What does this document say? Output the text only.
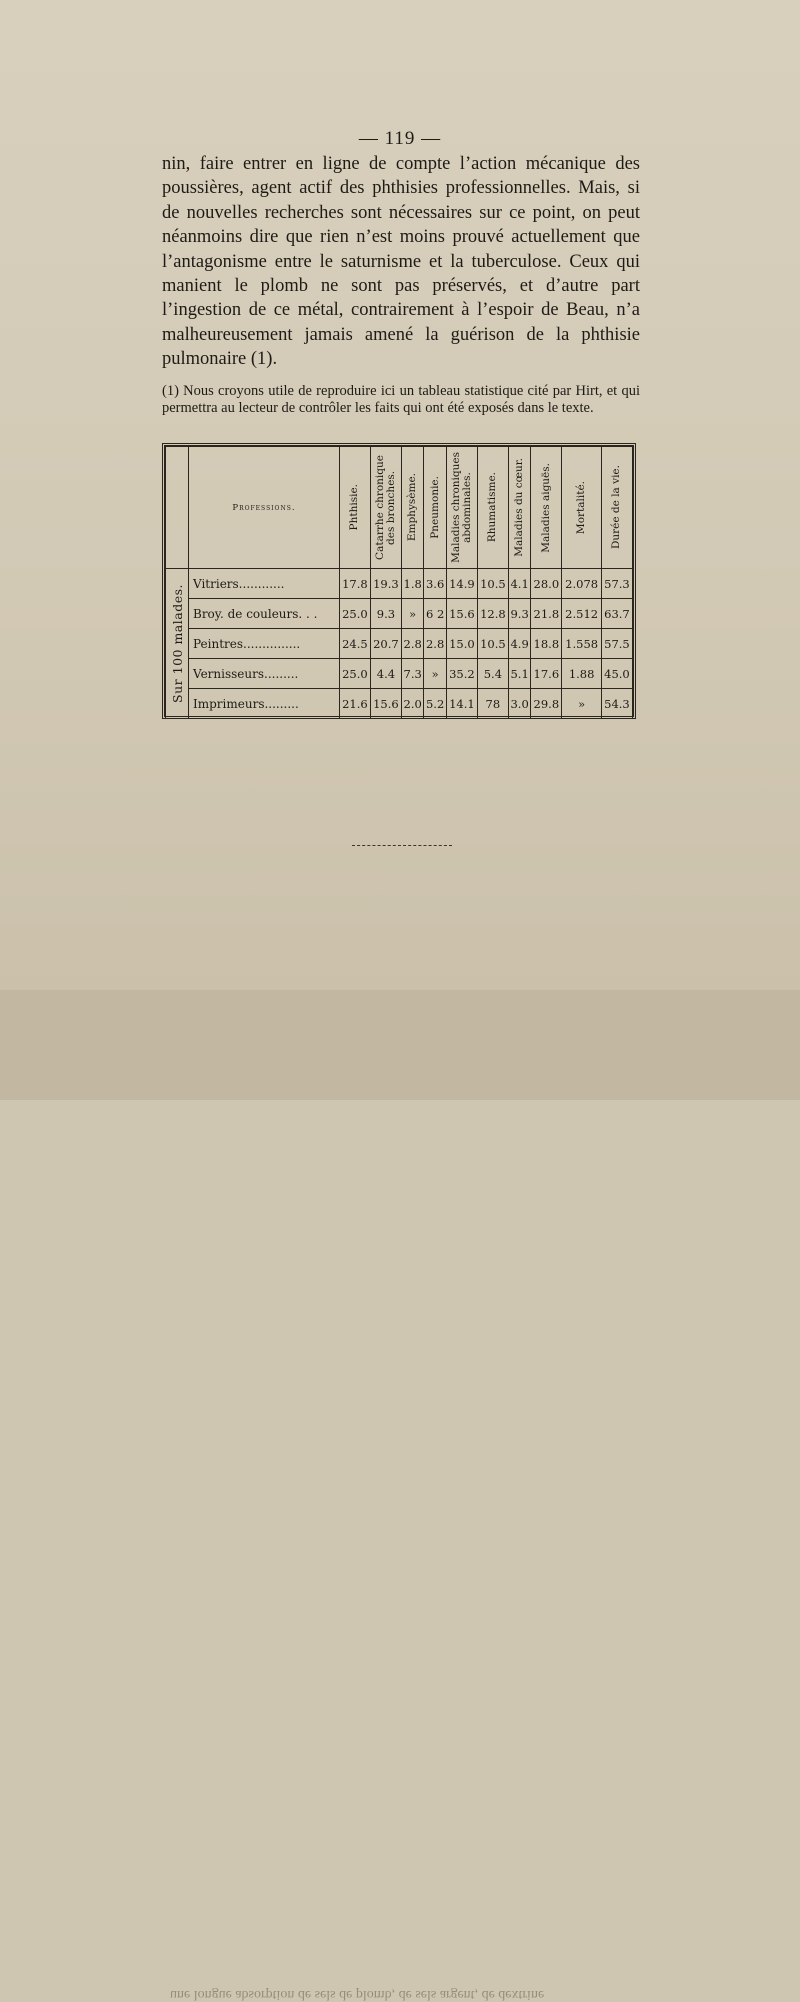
— 119 —

nin, faire entrer en ligne de compte l’action mécanique des poussières, agent actif des phthisies professionnelles. Mais, si de nouvelles recherches sont nécessaires sur ce point, on peut néanmoins dire que rien n’est moins prouvé actuellement que l’antagonisme entre le saturnisme et la tuberculose. Ceux qui manient le plomb ne sont pas préservés, et d’autre part l’ingestion de ce métal, contrairement à l’espoir de Beau, n’a malheureusement jamais amené la guérison de la phthisie pulmonaire (1).

(1) Nous croyons utile de reproduire ici un tableau statistique cité par Hirt, et qui permettra au lecteur de contrôler les faits qui ont été exposés dans le texte.

	Professions.	Phthisie.	Catarrhe chronique
des bronches.	Emphysème.	Pneumonie.	Maladies chroniques
abdominales.	Rhumatisme.	Maladies du cœur.	Maladies aiguës.	Mortalité.	Durée de la vie.

Sur 100 malades.	Vitriers............	17.8	19.3	1.8	3.6	14.9	10.5	4.1	28.0	2.078	57.3
	Broy. de couleurs. . .	25.0	9.3	»	6 2	15.6	12.8	9.3	21.8	2.512	63.7
	Peintres...............	24.5	20.7	2.8	2.8	15.0	10.5	4.9	18.8	1.558	57.5
	Vernisseurs.........	25.0	4.4	7.3	»	35.2	5.4	5.1	17.6	1.88	45.0
	Imprimeurs.........	21.6	15.6	2.0	5.2	14.1	78	3.0	29.8	»	54.3
une longue absorption de sels de plomb, de sels argent, de dextrine
